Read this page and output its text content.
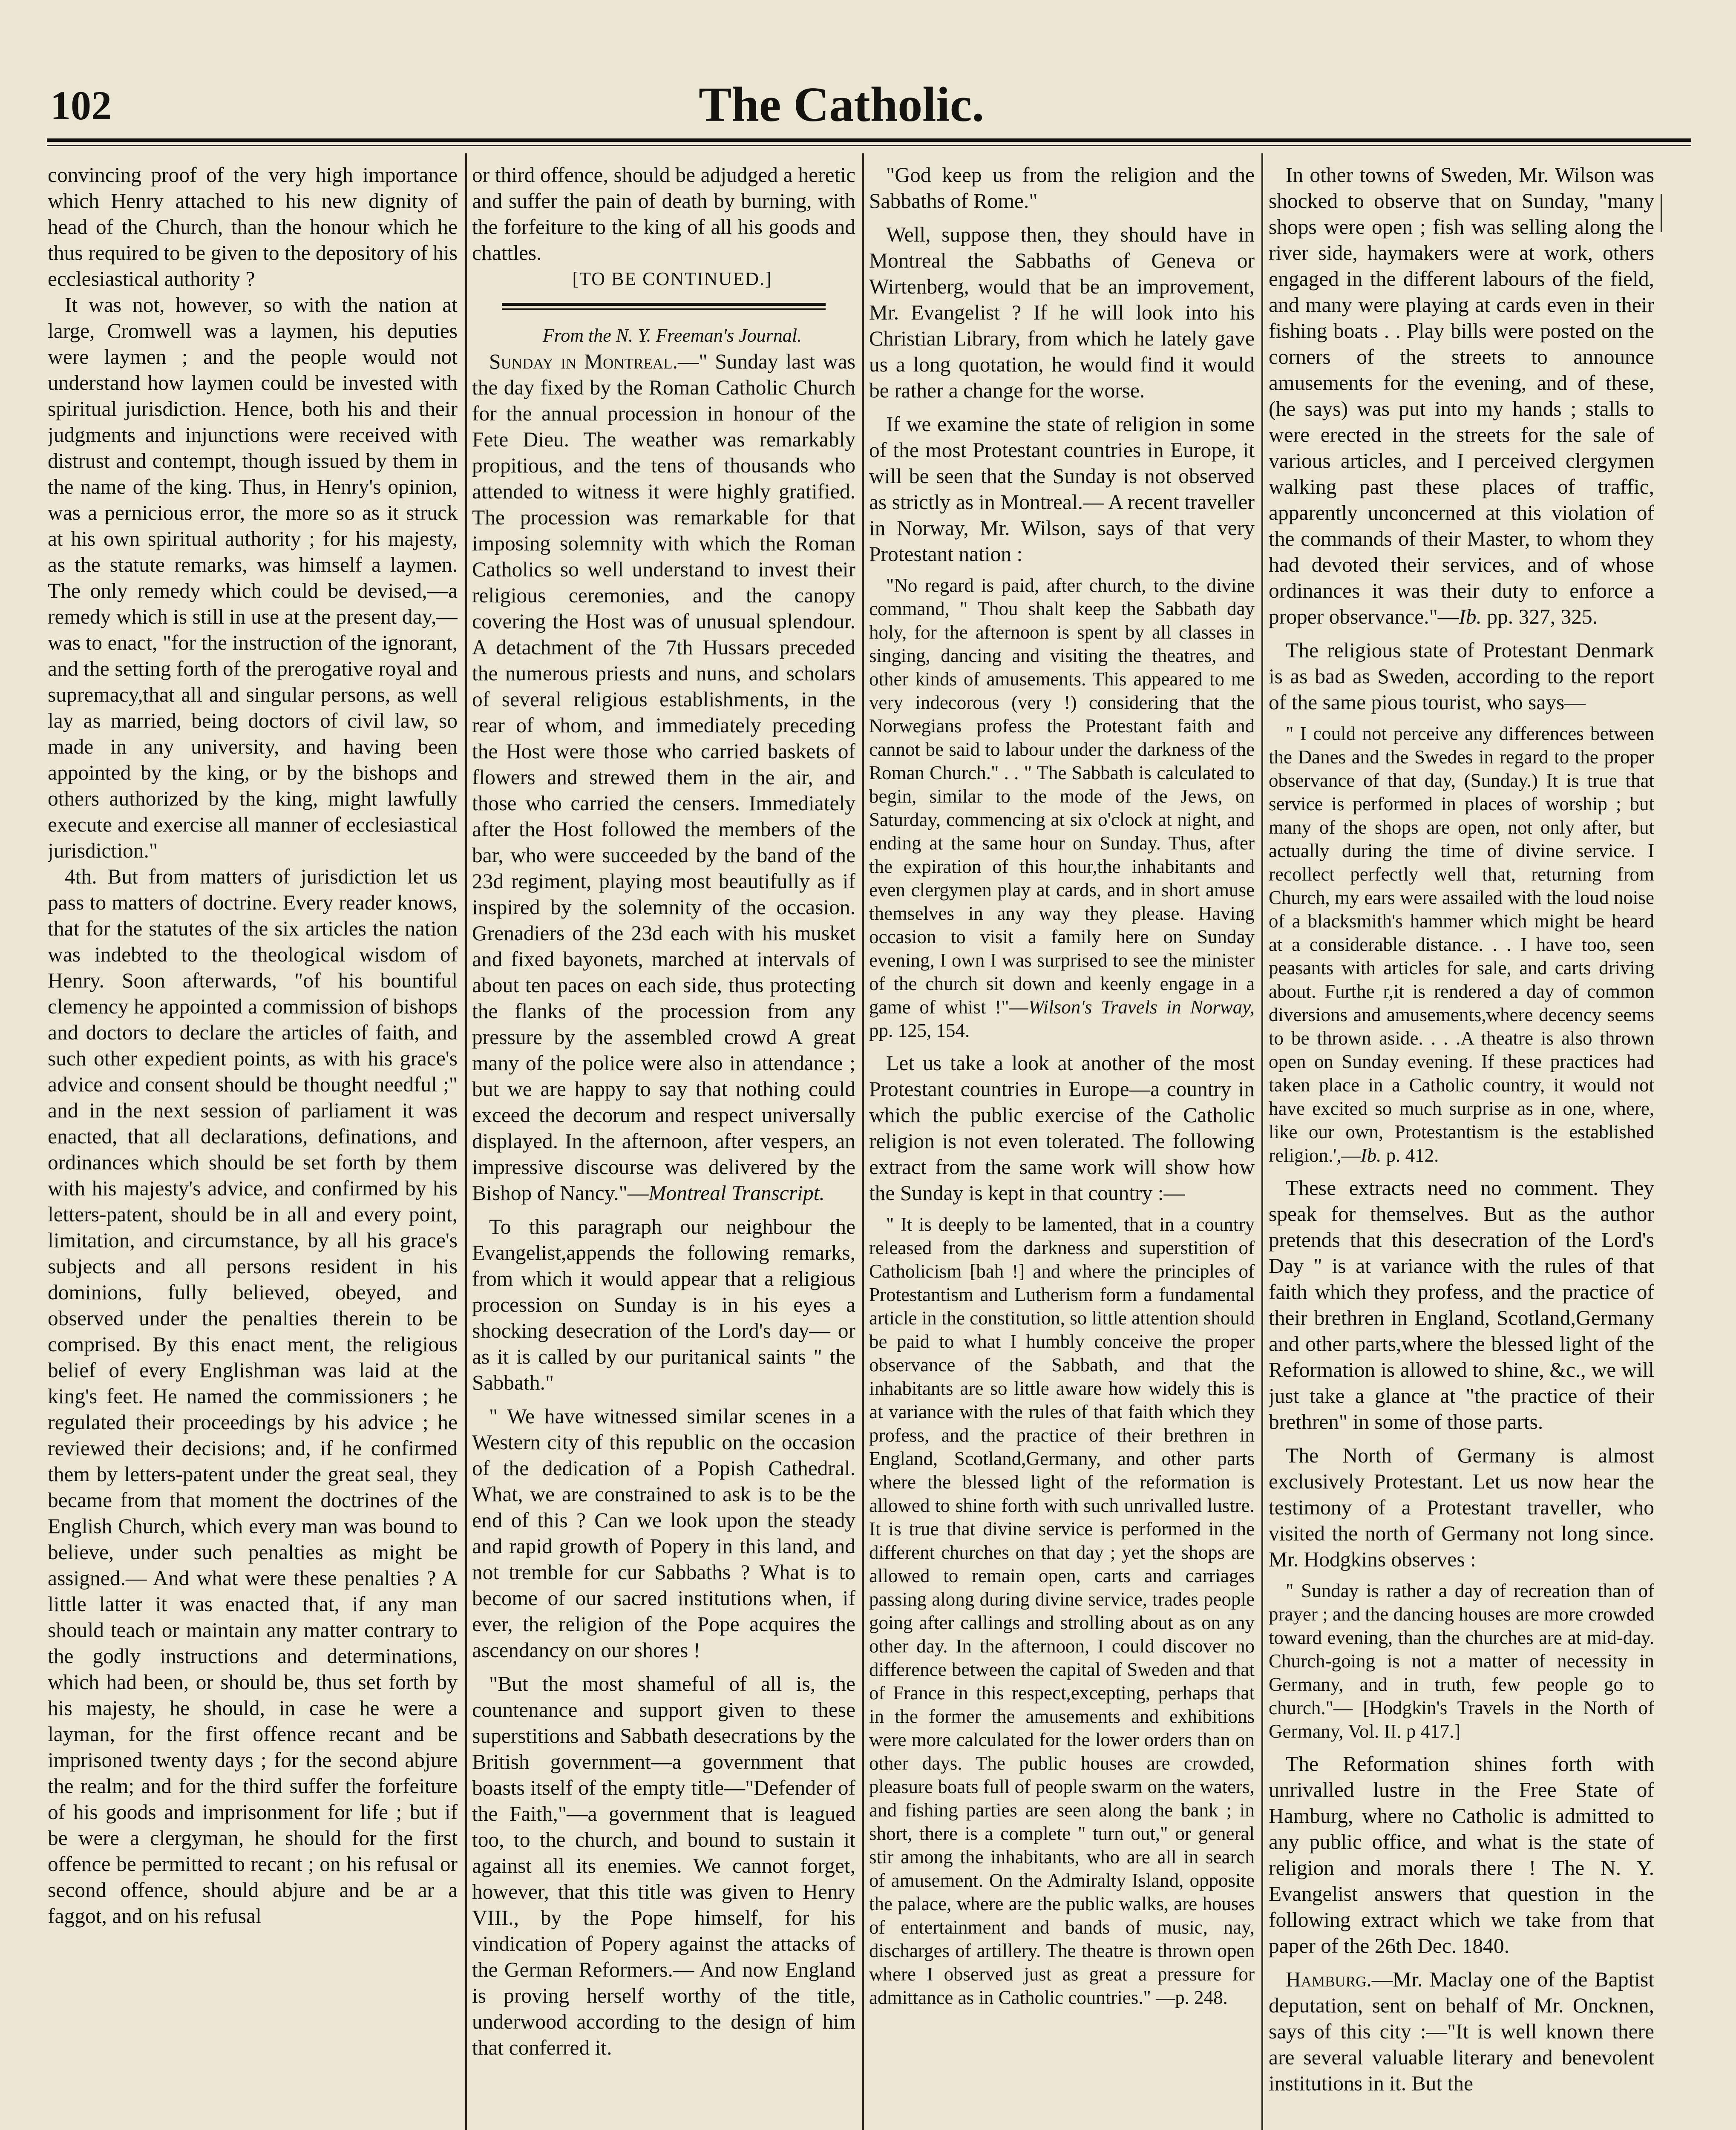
102	The Catholic.

convincing proof of the very high importance which Henry attached to his new dignity of head of the Church, than the honour which he thus required to be given to the depository of his ecclesiastical authority ?

It was not, however, so with the nation at large, Cromwell was a laymen, his deputies were laymen ; and the people would not understand how laymen could be invested with spiritual jurisdiction. Hence, both his and their judgments and injunctions were received with distrust and contempt, though issued by them in the name of the king. Thus, in Henry's opinion, was a pernicious error, the more so as it struck at his own spiritual authority ; for his majesty, as the statute remarks, was himself a laymen. The only remedy which could be devised,—a remedy which is still in use at the present day,—was to enact, "for the instruction of the ignorant, and the setting forth of the prerogative royal and supremacy,that all and singular persons, as well lay as married, being doctors of civil law, so made in any university, and having been appointed by the king, or by the bishops and others authorized by the king, might lawfully execute and exercise all manner of ecclesiastical jurisdiction."

4th. But from matters of jurisdiction let us pass to matters of doctrine. Every reader knows, that for the statutes of the six articles the nation was indebted to the theological wisdom of Henry. Soon afterwards, "of his bountiful clemency he appointed a commission of bishops and doctors to declare the articles of faith, and such other expedient points, as with his grace's advice and consent should be thought needful ;" and in the next session of parliament it was enacted, that all declarations, definations, and ordinances which should be set forth by them with his majesty's advice, and confirmed by his letters-patent, should be in all and every point, limitation, and circumstance, by all his grace's subjects and all persons resident in his dominions, fully believed, obeyed, and observed under the penalties therein to be comprised. By this enact ment, the religious belief of every Englishman was laid at the king's feet. He named the commissioners ; he regulated their proceedings by his advice ; he reviewed their decisions; and, if he confirmed them by letters-patent under the great seal, they became from that moment the doctrines of the English Church, which every man was bound to believe, under such penalties as might be assigned.— And what were these penalties ? A little latter it was enacted that, if any man should teach or maintain any matter contrary to the godly instructions and determinations, which had been, or should be, thus set forth by his majesty, he should, in case he were a layman, for the first offence recant and be imprisoned twenty days ; for the second abjure the realm; and for the third suffer the forfeiture of his goods and imprisonment for life ; but if be were a clergyman, he should for the first offence be permitted to recant ; on his refusal or second offence, should abjure and be ar a faggot, and on his refusal

or third offence, should be adjudged a heretic and suffer the pain of death by burning, with the forfeiture to the king of all his goods and chattles.

[TO BE CONTINUED.]

From the N. Y. Freeman's Journal.

Sunday in Montreal.—" Sunday last was the day fixed by the Roman Catholic Church for the annual procession in honour of the Fete Dieu. The weather was remarkably propitious, and the tens of thousands who attended to witness it were highly gratified. The procession was remarkable for that imposing solemnity with which the Roman Catholics so well understand to invest their religious ceremonies, and the canopy covering the Host was of unusual splendour. A detachment of the 7th Hussars preceded the numerous priests and nuns, and scholars of several religious establishments, in the rear of whom, and immediately preceding the Host were those who carried baskets of flowers and strewed them in the air, and those who carried the censers. Immediately after the Host followed the members of the bar, who were succeeded by the band of the 23d regiment, playing most beautifully as if inspired by the solemnity of the occasion. Grenadiers of the 23d each with his musket and fixed bayonets, marched at intervals of about ten paces on each side, thus protecting the flanks of the procession from any pressure by the assembled crowd A great many of the police were also in attendance ; but we are happy to say that nothing could exceed the decorum and respect universally displayed. In the afternoon, after vespers, an impressive discourse was delivered by the Bishop of Nancy."—Montreal Transcript.

To this paragraph our neighbour the Evangelist,appends the following remarks, from which it would appear that a religious procession on Sunday is in his eyes a shocking desecration of the Lord's day— or as it is called by our puritanical saints " the Sabbath."

" We have witnessed similar scenes in a Western city of this republic on the occasion of the dedication of a Popish Cathedral. What, we are constrained to ask is to be the end of this ? Can we look upon the steady and rapid growth of Popery in this land, and not tremble for cur Sabbaths ? What is to become of our sacred institutions when, if ever, the religion of the Pope acquires the ascendancy on our shores !

"But the most shameful of all is, the countenance and support given to these superstitions and Sabbath desecrations by the British government—a government that boasts itself of the empty title—"Defender of the Faith,"—a government that is leagued too, to the church, and bound to sustain it against all its enemies. We cannot forget, however, that this title was given to Henry VIII., by the Pope himself, for his vindication of Popery against the attacks of the German Reformers.— And now England is proving herself worthy of the title, underwood according to the design of him that conferred it.

"God keep us from the religion and the Sabbaths of Rome."

Well, suppose then, they should have in Montreal the Sabbaths of Geneva or Wirtenberg, would that be an improvement, Mr. Evangelist ? If he will look into his Christian Library, from which he lately gave us a long quotation, he would find it would be rather a change for the worse.

If we examine the state of religion in some of the most Protestant countries in Europe, it will be seen that the Sunday is not observed as strictly as in Montreal.— A recent traveller in Norway, Mr. Wilson, says of that very Protestant nation :

"No regard is paid, after church, to the divine command, " Thou shalt keep the Sabbath day holy, for the afternoon is spent by all classes in singing, dancing and visiting the theatres, and other kinds of amusements. This appeared to me very indecorous (very !) considering that the Norwegians profess the Protestant faith and cannot be said to labour under the darkness of the Roman Church." . . " The Sabbath is calculated to begin, similar to the mode of the Jews, on Saturday, commencing at six o'clock at night, and ending at the same hour on Sunday. Thus, after the expiration of this hour,the inhabitants and even clergymen play at cards, and in short amuse themselves in any way they please. Having occasion to visit a family here on Sunday evening, I own I was surprised to see the minister of the church sit down and keenly engage in a game of whist !"—Wilson's Travels in Norway, pp. 125, 154.

Let us take a look at another of the most Protestant countries in Europe—a country in which the public exercise of the Catholic religion is not even tolerated. The following extract from the same work will show how the Sunday is kept in that country :—

" It is deeply to be lamented, that in a country released from the darkness and superstition of Catholicism [bah !] and where the principles of Protestantism and Lutherism form a fundamental article in the constitution, so little attention should be paid to what I humbly conceive the proper observance of the Sabbath, and that the inhabitants are so little aware how widely this is at variance with the rules of that faith which they profess, and the practice of their brethren in England, Scotland,Germany, and other parts where the blessed light of the reformation is allowed to shine forth with such unrivalled lustre. It is true that divine service is performed in the different churches on that day ; yet the shops are allowed to remain open, carts and carriages passing along during divine service, trades people going after callings and strolling about as on any other day. In the afternoon, I could discover no difference between the capital of Sweden and that of France in this respect,excepting, perhaps that in the former the amusements and exhibitions were more calculated for the lower orders than on other days. The public houses are crowded, pleasure boats full of people swarm on the waters, and fishing parties are seen along the bank ; in short, there is a complete " turn out," or general stir among the inhabitants, who are all in search of amusement. On the Admiralty Island, opposite the palace, where are the public walks, are houses of entertainment and bands of music, nay, discharges of artillery. The theatre is thrown open where I observed just as great a pressure for admittance as in Catholic countries." —p. 248.

In other towns of Sweden, Mr. Wilson was shocked to observe that on Sunday, "many shops were open ; fish was selling along the river side, haymakers were at work, others engaged in the different labours of the field, and many were playing at cards even in their fishing boats . . Play bills were posted on the corners of the streets to announce amusements for the evening, and of these, (he says) was put into my hands ; stalls to were erected in the streets for the sale of various articles, and I perceived clergymen walking past these places of traffic, apparently unconcerned at this violation of the commands of their Master, to whom they had devoted their services, and of whose ordinances it was their duty to enforce a proper observance."—Ib. pp. 327, 325.

The religious state of Protestant Denmark is as bad as Sweden, according to the report of the same pious tourist, who says—

" I could not perceive any differences between the Danes and the Swedes in regard to the proper observance of that day, (Sunday.) It is true that service is performed in places of worship ; but many of the shops are open, not only after, but actually during the time of divine service. I recollect perfectly well that, returning from Church, my ears were assailed with the loud noise of a blacksmith's hammer which might be heard at a considerable distance. . . I have too, seen peasants with articles for sale, and carts driving about. Furthe r,it is rendered a day of common diversions and amusements,where decency seems to be thrown aside. . . .A theatre is also thrown open on Sunday evening. If these practices had taken place in a Catholic country, it would not have excited so much surprise as in one, where, like our own, Protestantism is the established religion.',—Ib. p. 412.

These extracts need no comment. They speak for themselves. But as the author pretends that this desecration of the Lord's Day " is at variance with the rules of that faith which they profess, and the practice of their brethren in England, Scotland,Germany and other parts,where the blessed light of the Reformation is allowed to shine, &c., we will just take a glance at "the practice of their brethren" in some of those parts.

The North of Germany is almost exclusively Protestant. Let us now hear the testimony of a Protestant traveller, who visited the north of Germany not long since. Mr. Hodgkins observes :

" Sunday is rather a day of recreation than of prayer ; and the dancing houses are more crowded toward evening, than the churches are at mid-day. Church-going is not a matter of necessity in Germany, and in truth, few people go to church."— [Hodgkin's Travels in the North of Germany, Vol. II. p 417.]

The Reformation shines forth with unrivalled lustre in the Free State of Hamburg, where no Catholic is admitted to any public office, and what is the state of religion and morals there ! The N. Y. Evangelist answers that question in the following extract which we take from that paper of the 26th Dec. 1840.

Hamburg.—Mr. Maclay one of the Baptist deputation, sent on behalf of Mr. Oncknen, says of this city :—"It is well known there are several valuable literary and benevolent institutions in it. But the
